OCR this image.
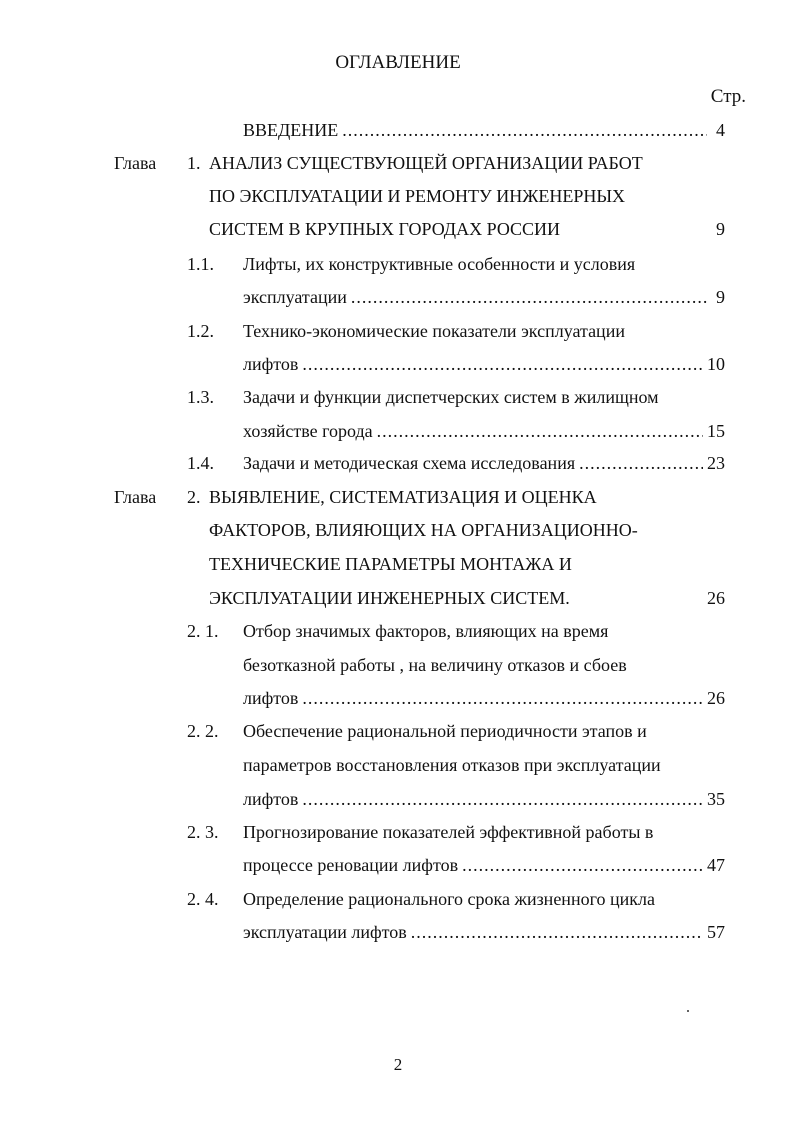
ОГЛАВЛЕНИЕ
Стр.
ВВЕДЕНИЕ .....	4
Глава 1. АНАЛИЗ СУЩЕСТВУЮЩЕЙ ОРГАНИЗАЦИИ РАБОТ
ПО ЭКСПЛУАТАЦИИ И РЕМОНТУ ИНЖЕНЕРНЫХ
СИСТЕМ В КРУПНЫХ ГОРОДАХ РОССИИ	9
1.1. Лифты, их конструктивные особенности и условия
эксплуатации .....	9
1.2. Технико-экономические показатели эксплуатации
лифтов .....	10
1.3. Задачи и функции диспетчерских систем в жилищном
хозяйстве города .....	15
1.4. Задачи и методическая схема исследования .....	23
Глава 2. ВЫЯВЛЕНИЕ, СИСТЕМАТИЗАЦИЯ И ОЦЕНКА
ФАКТОРОВ, ВЛИЯЮЩИХ НА ОРГАНИЗАЦИОННО-
ТЕХНИЧЕСКИЕ ПАРАМЕТРЫ МОНТАЖА И
ЭКСПЛУАТАЦИИ ИНЖЕНЕРНЫХ СИСТЕМ.	26
2. 1. Отбор значимых факторов, влияющих на время
безотказной работы , на величину отказов и сбоев
лифтов .....	26
2. 2. Обеспечение рациональной периодичности этапов и
параметров восстановления отказов при эксплуатации
лифтов .....	35
2. 3. Прогнозирование показателей эффективной работы в
процессе реновации лифтов .....	47
2. 4. Определение рационального срока жизненного цикла
эксплуатации лифтов .....	57
2
